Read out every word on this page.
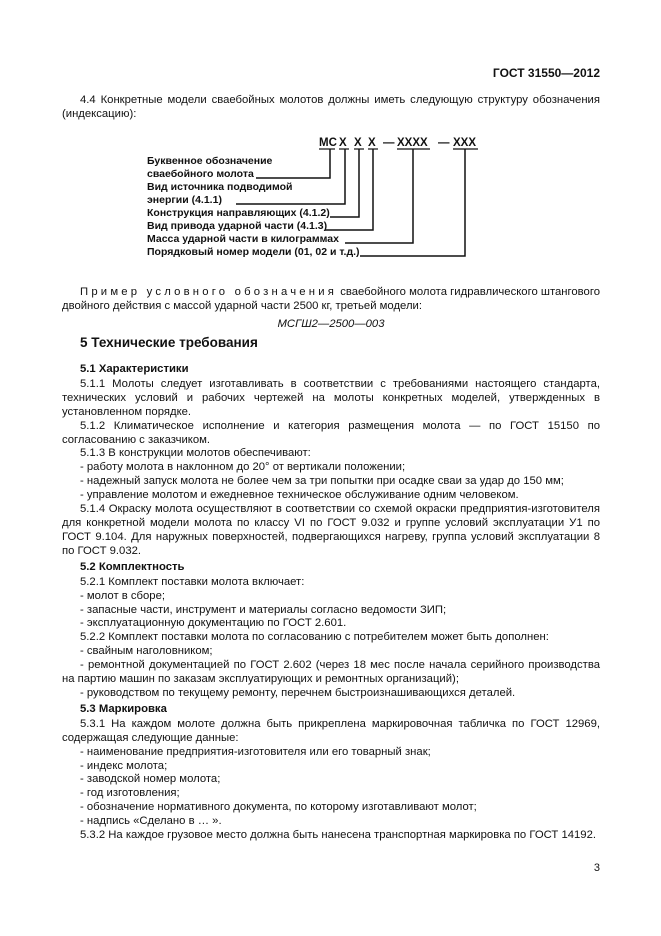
ГОСТ 31550—2012

4.4 Конкретные модели сваебойных молотов должны иметь следующую структуру обозначения (индексацию):

МС Х Х Х — ХХХХ — ХХХ
Буквенное обозначение
сваебойного молота
Вид источника подводимой
энергии (4.1.1)
Конструкция направляющих (4.1.2)
Вид привода ударной части (4.1.3)
Масса ударной части в килограммах
Порядковый номер модели (01, 02 и т.д.)

Пример условного обозначения сваебойного молота гидравлического штангового двойного действия с массой ударной части 2500 кг, третьей модели:

МСГШ2—2500—003

5 Технические требования

5.1 Характеристики

5.1.1 Молоты следует изготавливать в соответствии с требованиями настоящего стандарта, технических условий и рабочих чертежей на молоты конкретных моделей, утвержденных в установленном порядке.

5.1.2 Климатическое исполнение и категория размещения молота — по ГОСТ 15150 по согласованию с заказчиком.

5.1.3 В конструкции молотов обеспечивают:

- работу молота в наклонном до 20° от вертикали положении;

- надежный запуск молота не более чем за три попытки при осадке сваи за удар до 150 мм;

- управление молотом и ежедневное техническое обслуживание одним человеком.

5.1.4 Окраску молота осуществляют в соответствии со схемой окраски предприятия-изготовителя для конкретной модели молота по классу VI по ГОСТ 9.032 и группе условий эксплуатации У1 по ГОСТ 9.104. Для наружных поверхностей, подвергающихся нагреву, группа условий эксплуатации 8 по ГОСТ 9.032.

5.2 Комплектность

5.2.1 Комплект поставки молота включает:

- молот в сборе;

- запасные части, инструмент и материалы согласно ведомости ЗИП;

- эксплуатационную документацию по ГОСТ 2.601.

5.2.2 Комплект поставки молота по согласованию с потребителем может быть дополнен:

- свайным наголовником;

- ремонтной документацией по ГОСТ 2.602 (через 18 мес после начала серийного производства на партию машин по заказам эксплуатирующих и ремонтных организаций);

- руководством по текущему ремонту, перечнем быстроизнашивающихся деталей.

5.3 Маркировка

5.3.1 На каждом молоте должна быть прикреплена маркировочная табличка по ГОСТ 12969, содержащая следующие данные:

- наименование предприятия-изготовителя или его товарный знак;

- индекс молота;

- заводской номер молота;

- год изготовления;

- обозначение нормативного документа, по которому изготавливают молот;

- надпись «Сделано в … ».

5.3.2 На каждое грузовое место должна быть нанесена транспортная маркировка по ГОСТ 14192.

3
